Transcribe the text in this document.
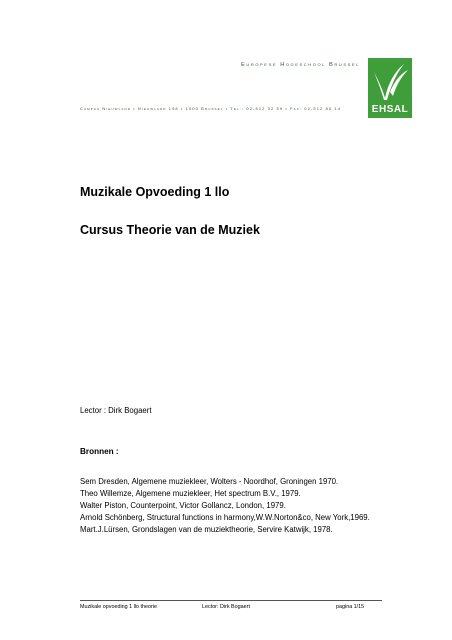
Europese Hogeschool Brussel
Campus Nieuwland • Nieuwland 198 • 1000 Brussel • Tel.: 02-512 32 59 • Fax: 02-512 80 14	EHSAL
Muzikale Opvoeding 1 llo
Cursus Theorie van de Muziek
Lector : Dirk Bogaert
Bronnen :
Sem Dresden, Algemene muziekleer, Wolters - Noordhof, Groningen 1970.
Theo Willemze, Algemene muziekleer, Het spectrum B.V., 1979.
Walter Piston, Counterpoint, Victor Gollancz, London, 1979.
Arnold Schönberg, Structural functions in harmony,W.W.Norton&co, New York,1969.
Mart.J.Lürsen, Grondslagen van de muziektheorie, Servire Katwijk, 1978.
Muzikale opvoeding 1 llo theorie	Lector: Dirk Bogaert	pagina 1/15
